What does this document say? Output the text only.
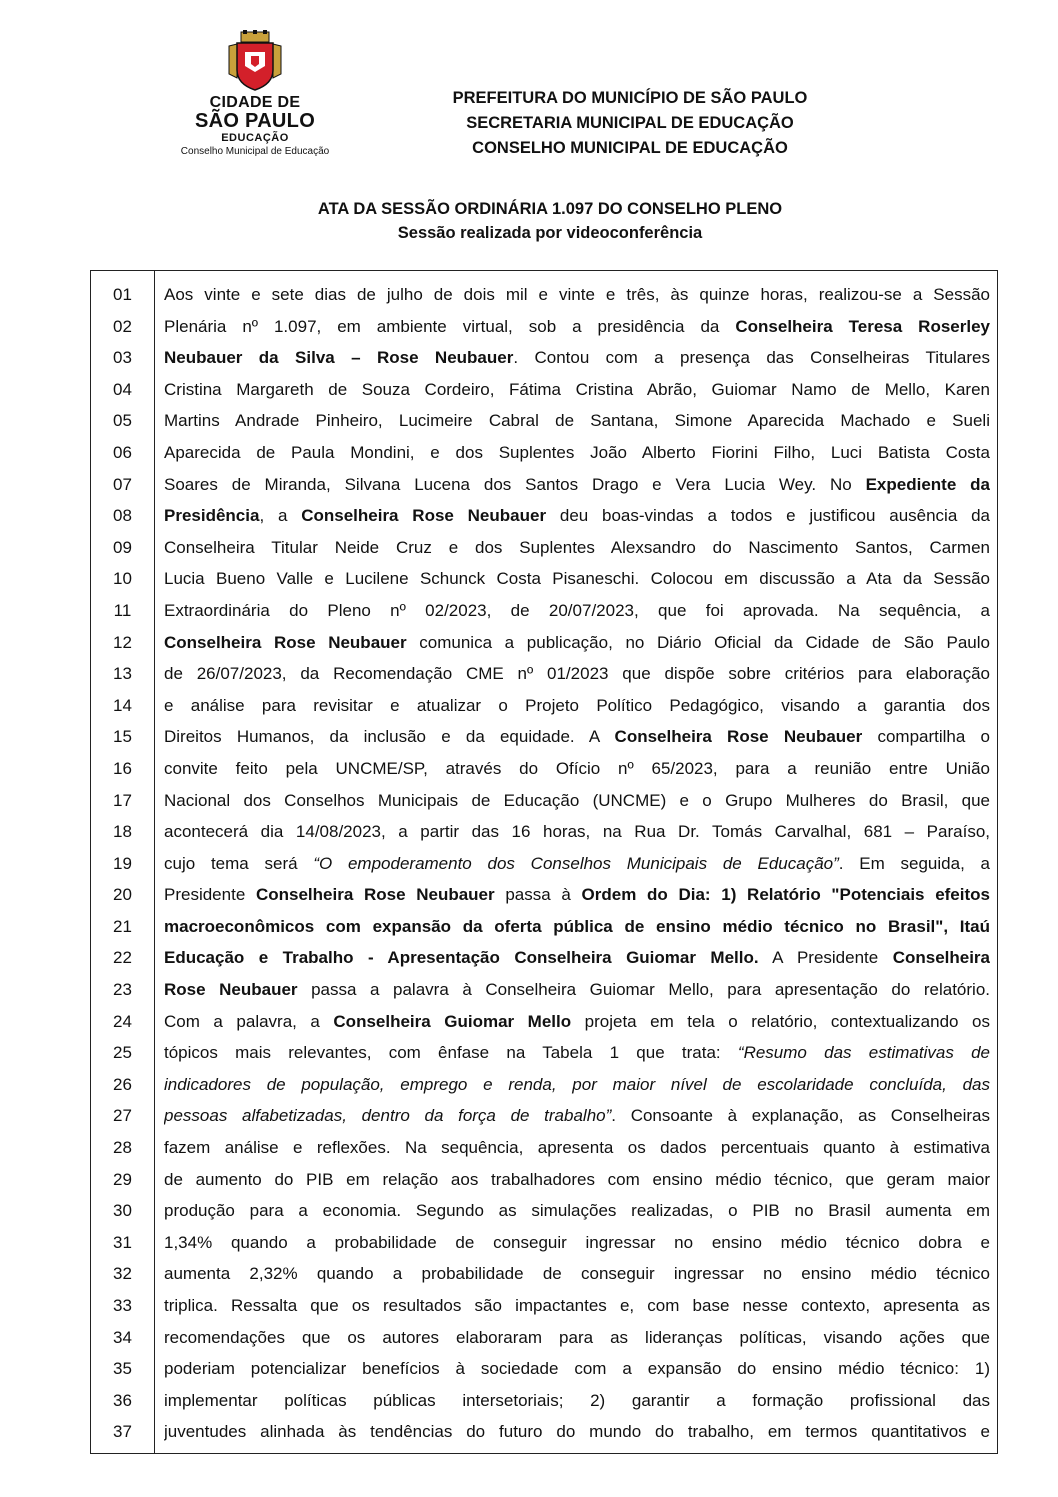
CIDADE DE
SÃO PAULO
EDUCAÇÃO
Conselho Municipal de Educação
PREFEITURA DO MUNICÍPIO DE SÃO PAULO
SECRETARIA MUNICIPAL DE EDUCAÇÃO
CONSELHO MUNICIPAL DE EDUCAÇÃO
ATA DA SESSÃO ORDINÁRIA 1.097 DO CONSELHO PLENO
Sessão realizada por videoconferência
01
02
03
04
05
06
07
08
09
10
11
12
13
14
15
16
17
18
19
20
21
22
23
24
25
26
27
28
29
30
31
32
33
34
35
36
37
Aos vinte e sete dias de julho de dois mil e vinte e três, às quinze horas, realizou-se a Sessão
Plenária nº 1.097, em ambiente virtual, sob a presidência da Conselheira Teresa Roserley
Neubauer da Silva – Rose Neubauer. Contou com a presença das Conselheiras Titulares
Cristina Margareth de Souza Cordeiro, Fátima Cristina Abrão, Guiomar Namo de Mello, Karen
Martins Andrade Pinheiro, Lucimeire Cabral de Santana, Simone Aparecida Machado e Sueli
Aparecida de Paula Mondini, e dos Suplentes João Alberto Fiorini Filho, Luci Batista Costa
Soares de Miranda, Silvana Lucena dos Santos Drago e Vera Lucia Wey. No Expediente da
Presidência, a Conselheira Rose Neubauer deu boas-vindas a todos e justificou ausência da
Conselheira Titular Neide Cruz e dos Suplentes Alexsandro do Nascimento Santos, Carmen
Lucia Bueno Valle e Lucilene Schunck Costa Pisaneschi. Colocou em discussão a Ata da Sessão
Extraordinária do Pleno nº 02/2023, de 20/07/2023, que foi aprovada. Na sequência, a
Conselheira Rose Neubauer comunica a publicação, no Diário Oficial da Cidade de São Paulo
de 26/07/2023, da Recomendação CME nº 01/2023 que dispõe sobre critérios para elaboração
e análise para revisitar e atualizar o Projeto Político Pedagógico, visando a garantia dos
Direitos Humanos, da inclusão e da equidade. A Conselheira Rose Neubauer compartilha o
convite feito pela UNCME/SP, através do Ofício nº 65/2023, para a reunião entre União
Nacional dos Conselhos Municipais de Educação (UNCME) e o Grupo Mulheres do Brasil, que
acontecerá dia 14/08/2023, a partir das 16 horas, na Rua Dr. Tomás Carvalhal, 681 – Paraíso,
cujo tema será “O empoderamento dos Conselhos Municipais de Educação”. Em seguida, a
Presidente Conselheira Rose Neubauer passa à Ordem do Dia: 1) Relatório "Potenciais efeitos
macroeconômicos com expansão da oferta pública de ensino médio técnico no Brasil", Itaú
Educação e Trabalho - Apresentação Conselheira Guiomar Mello. A Presidente Conselheira
Rose Neubauer passa a palavra à Conselheira Guiomar Mello, para apresentação do relatório.
Com a palavra, a Conselheira Guiomar Mello projeta em tela o relatório, contextualizando os
tópicos mais relevantes, com ênfase na Tabela 1 que trata: “Resumo das estimativas de
indicadores de população, emprego e renda, por maior nível de escolaridade concluída, das
pessoas alfabetizadas, dentro da força de trabalho”. Consoante à explanação, as Conselheiras
fazem análise e reflexões. Na sequência, apresenta os dados percentuais quanto à estimativa
de aumento do PIB em relação aos trabalhadores com ensino médio técnico, que geram maior
produção para a economia. Segundo as simulações realizadas, o PIB no Brasil aumenta em
1,34% quando a probabilidade de conseguir ingressar no ensino médio técnico dobra e
aumenta 2,32% quando a probabilidade de conseguir ingressar no ensino médio técnico
triplica. Ressalta que os resultados são impactantes e, com base nesse contexto, apresenta as
recomendações que os autores elaboraram para as lideranças políticas, visando ações que
poderiam potencializar benefícios à sociedade com a expansão do ensino médio técnico: 1)
implementar políticas públicas intersetoriais; 2) garantir a formação profissional das
juventudes alinhada às tendências do futuro do mundo do trabalho, em termos quantitativos e
